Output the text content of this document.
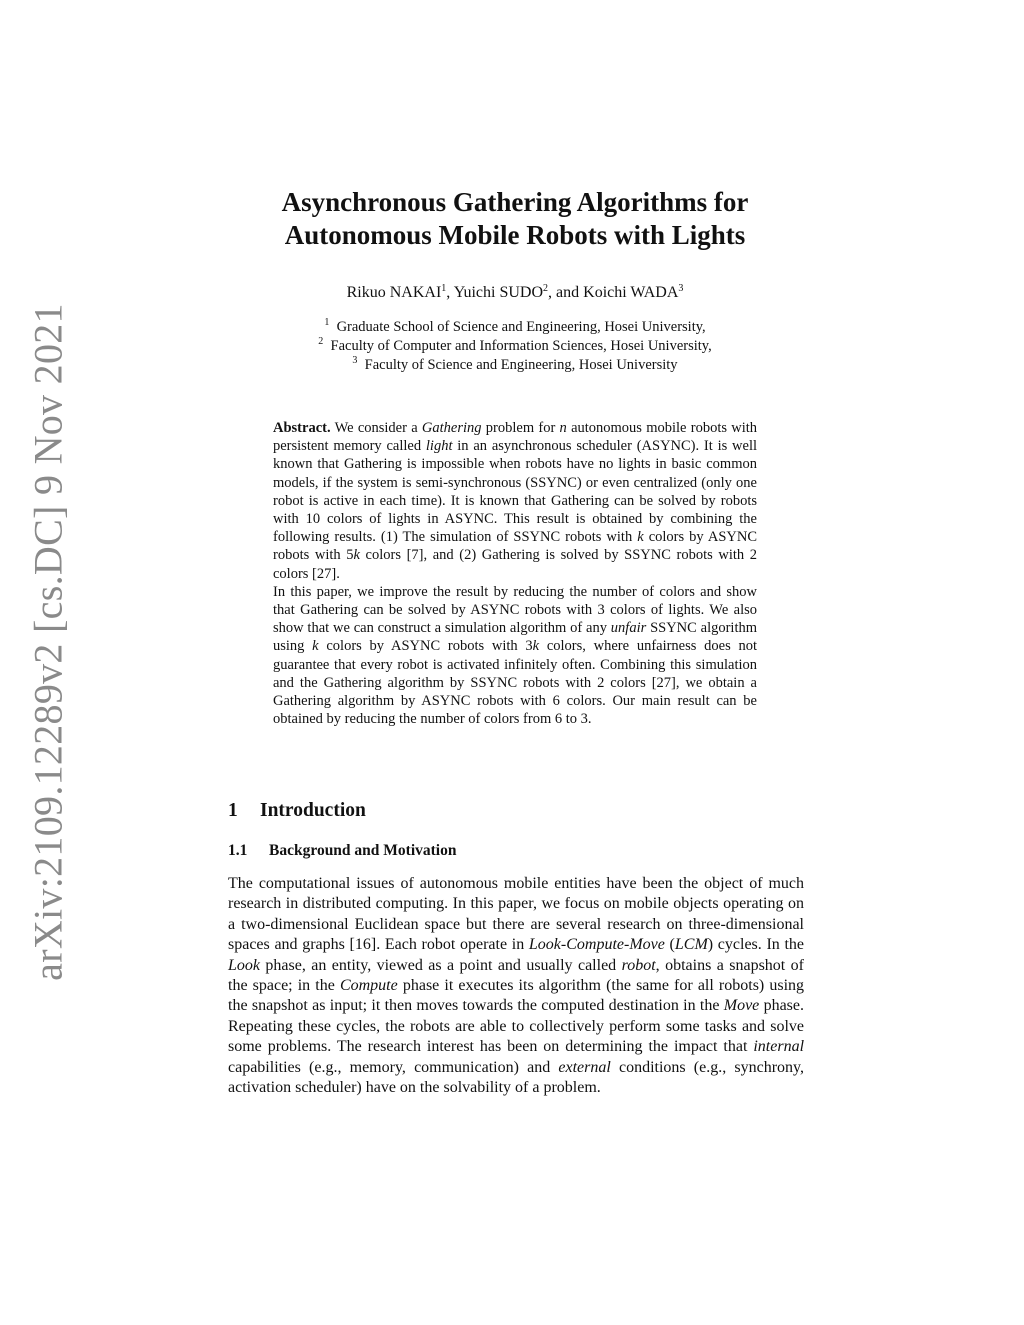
arXiv:2109.12289v2 [cs.DC] 9 Nov 2021
Asynchronous Gathering Algorithms for
Autonomous Mobile Robots with Lights
Rikuo NAKAI$^1$, Yuichi SUDO$^2$, and Koichi WADA$^3$
$^1$ Graduate School of Science and Engineering, Hosei University,
$^2$ Faculty of Computer and Information Sciences, Hosei University,
$^3$ Faculty of Science and Engineering, Hosei University

Abstract. We consider a Gathering problem for n autonomous mobile robots with persistent memory called light in an asynchronous scheduler (ASYNC). It is well known that Gathering is impossible when robots have no lights in basic common models, if the system is semi-synchronous (SSYNC) or even centralized (only one robot is active in each time). It is known that Gathering can be solved by robots with 10 colors of lights in ASYNC. This result is obtained by combining the following results. (1) The simulation of SSYNC robots with k colors by ASYNC robots with 5k colors [7], and (2) Gathering is solved by SSYNC robots with 2 colors [27].

In this paper, we improve the result by reducing the number of colors and show that Gathering can be solved by ASYNC robots with 3 colors of lights. We also show that we can construct a simulation algorithm of any unfair SSYNC algorithm using k colors by ASYNC robots with 3k colors, where unfairness does not guarantee that every robot is activated infinitely often. Combining this simulation and the Gathering algorithm by SSYNC robots with 2 colors [27], we obtain a Gathering algorithm by ASYNC robots with 6 colors. Our main result can be obtained by reducing the number of colors from 6 to 3.

1 Introduction
1.1 Background and Motivation

The computational issues of autonomous mobile entities have been the object of much research in distributed computing. In this paper, we focus on mobile objects operating on a two-dimensional Euclidean space but there are several research on three-dimensional spaces and graphs [16]. Each robot operate in Look-Compute-Move (LCM) cycles. In the Look phase, an entity, viewed as a point and usually called robot, obtains a snapshot of the space; in the Compute phase it executes its algorithm (the same for all robots) using the snapshot as input; it then moves towards the computed destination in the Move phase. Repeating these cycles, the robots are able to collectively perform some tasks and solve some problems. The research interest has been on determining the impact that internal capabilities (e.g., memory, communication) and external conditions (e.g., synchrony, activation scheduler) have on the solvability of a problem.
